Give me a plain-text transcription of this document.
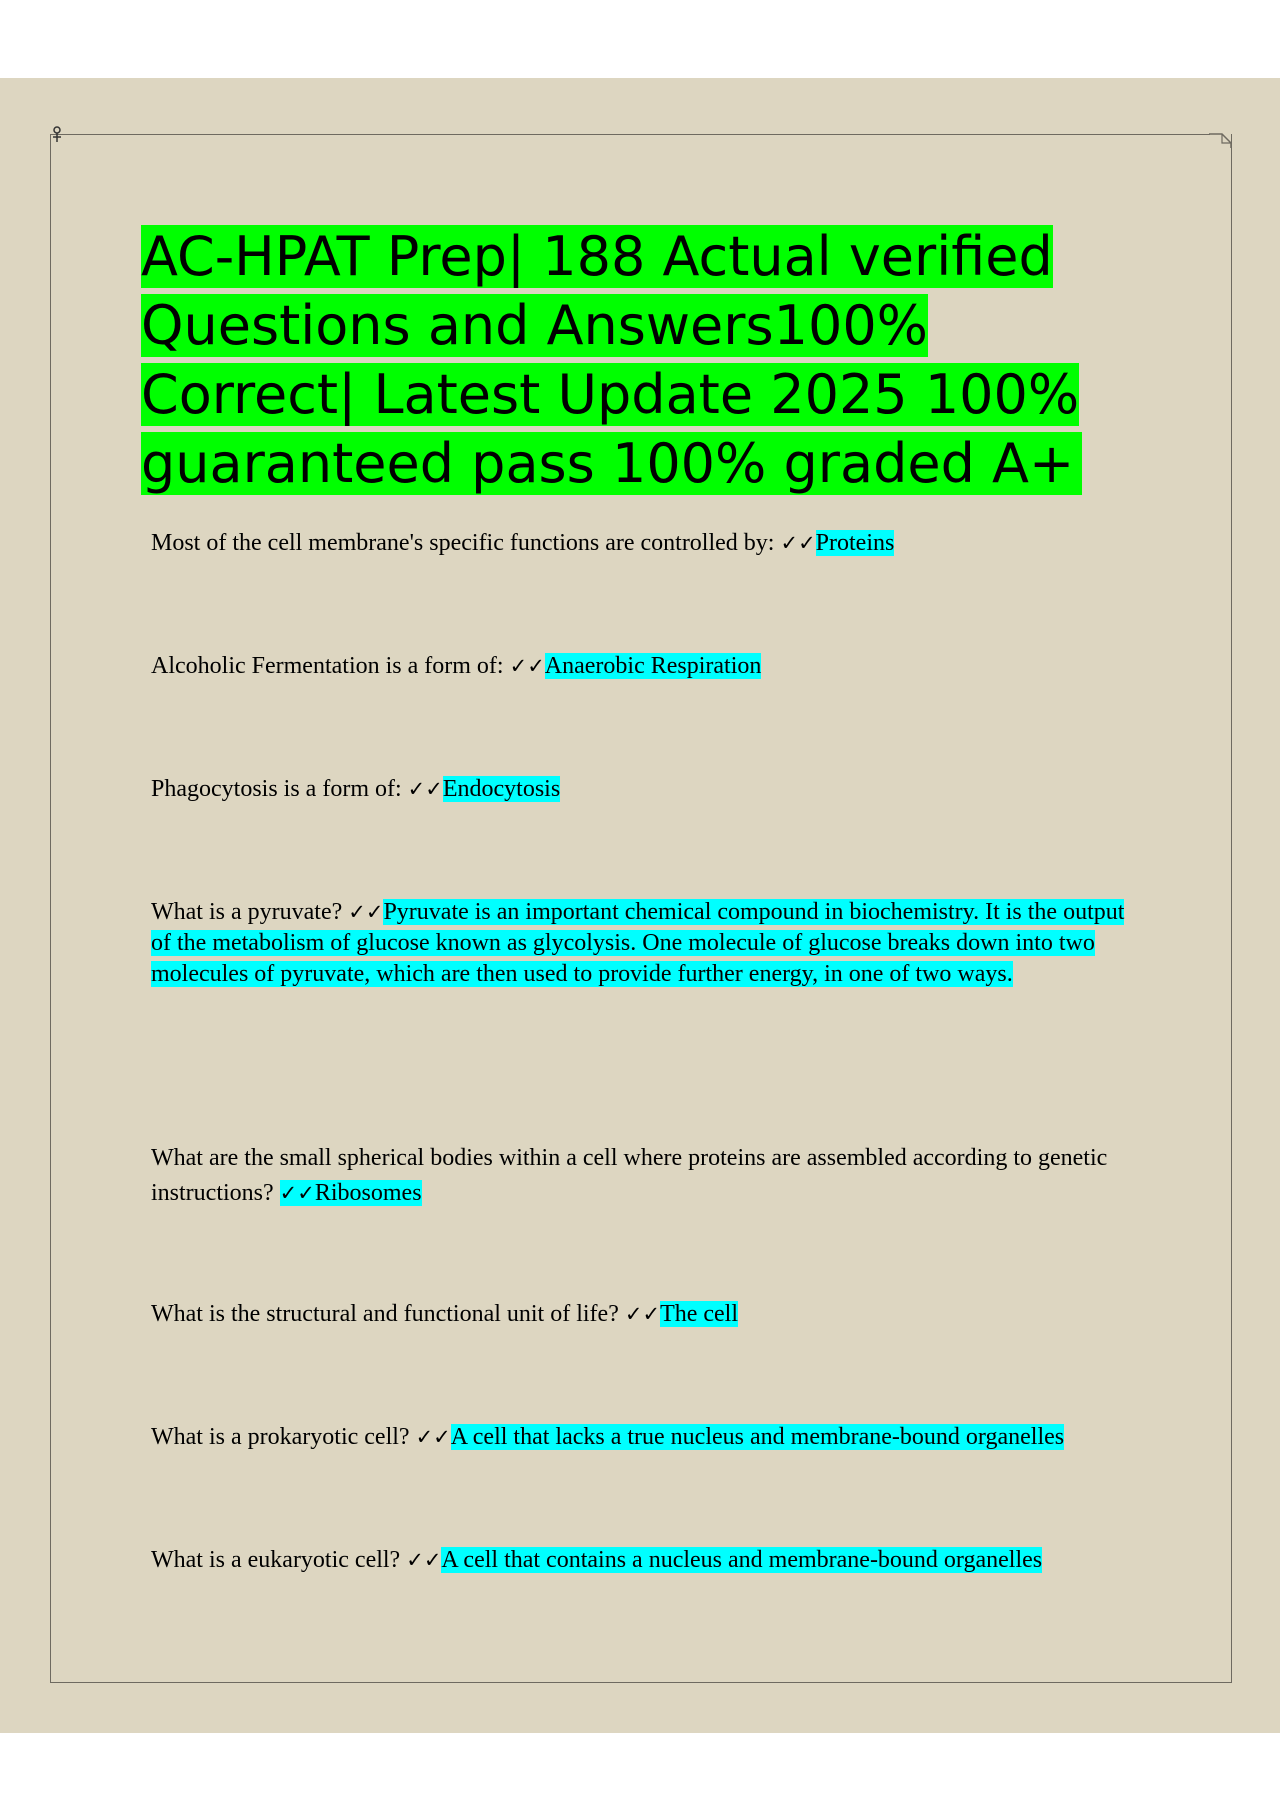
AC-HPAT Prep| 188 Actual verified Questions and Answers100% Correct| Latest Update 2025 100% guaranteed pass 100% graded A+
Most of the cell membrane's specific functions are controlled by: ✓✓Proteins
Alcoholic Fermentation is a form of: ✓✓Anaerobic Respiration
Phagocytosis is a form of: ✓✓Endocytosis
What is a pyruvate? ✓✓Pyruvate is an important chemical compound in biochemistry. It is the output of the metabolism of glucose known as glycolysis. One molecule of glucose breaks down into two molecules of pyruvate, which are then used to provide further energy, in one of two ways.
What are the small spherical bodies within a cell where proteins are assembled according to genetic instructions? ✓✓Ribosomes
What is the structural and functional unit of life? ✓✓The cell
What is a prokaryotic cell? ✓✓A cell that lacks a true nucleus and membrane-bound organelles
What is a eukaryotic cell? ✓✓A cell that contains a nucleus and membrane-bound organelles
